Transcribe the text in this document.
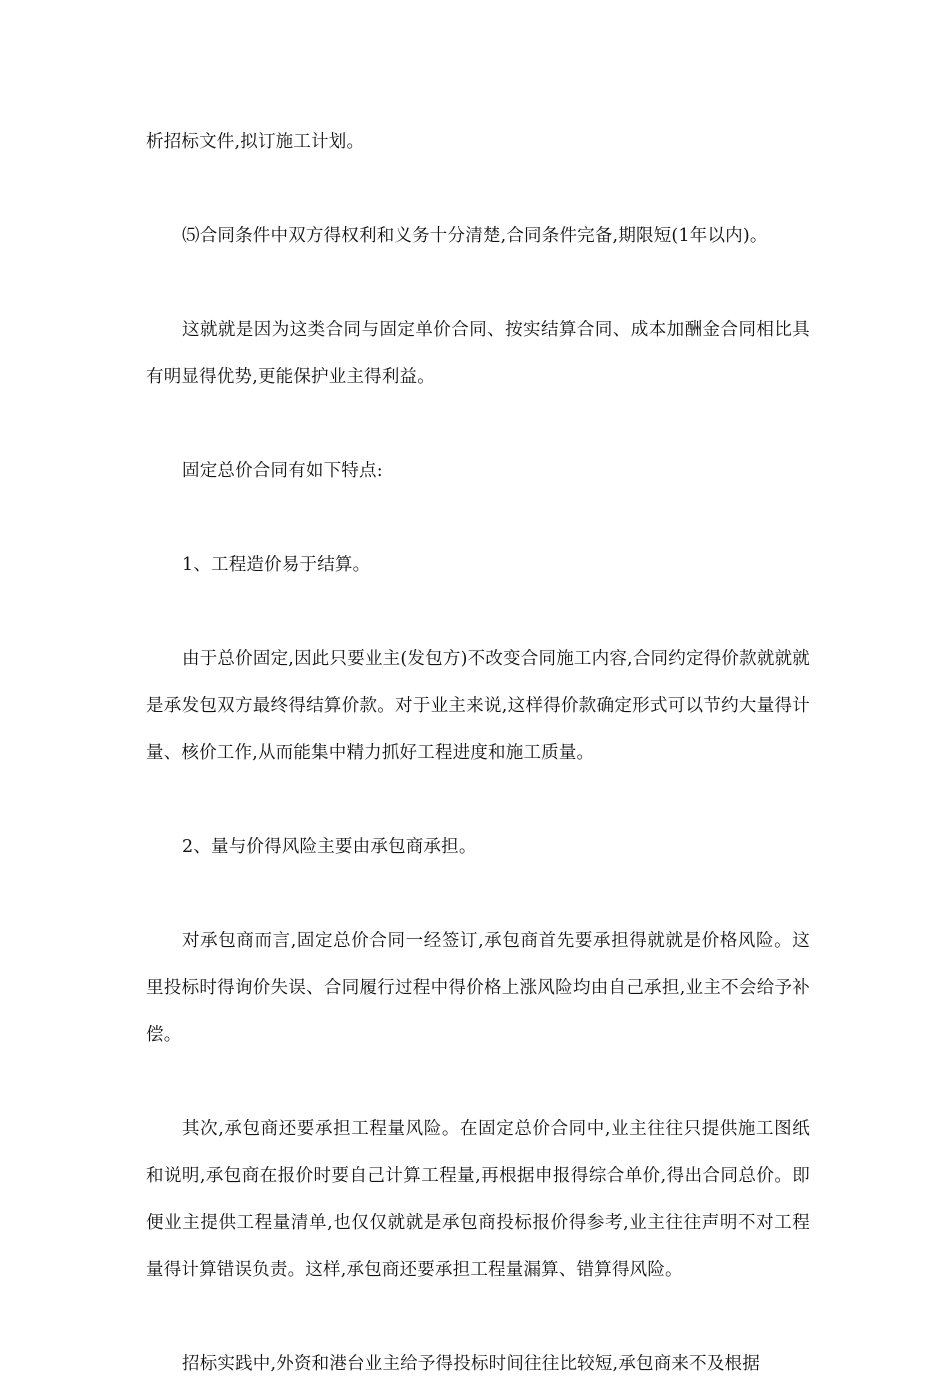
析招标文件,拟订施工计划。

⑸合同条件中双方得权利和义务十分清楚,合同条件完备,期限短(1年以内)。

这就就是因为这类合同与固定单价合同、按实结算合同、成本加酬金合同相比具有明显得优势,更能保护业主得利益。

固定总价合同有如下特点:

1、工程造价易于结算。

由于总价固定,因此只要业主(发包方)不改变合同施工内容,合同约定得价款就就就是承发包双方最终得结算价款。对于业主来说,这样得价款确定形式可以节约大量得计量、核价工作,从而能集中精力抓好工程进度和施工质量。

2、量与价得风险主要由承包商承担。

对承包商而言,固定总价合同一经签订,承包商首先要承担得就就是价格风险。这里投标时得询价失误、合同履行过程中得价格上涨风险均由自己承担,业主不会给予补偿。

其次,承包商还要承担工程量风险。在固定总价合同中,业主往往只提供施工图纸和说明,承包商在报价时要自己计算工程量,再根据申报得综合单价,得出合同总价。即便业主提供工程量清单,也仅仅就就是承包商投标报价得参考,业主往往声明不对工程量得计算错误负责。这样,承包商还要承担工程量漏算、错算得风险。

招标实践中,外资和港台业主给予得投标时间往往比较短,承包商来不及根据
